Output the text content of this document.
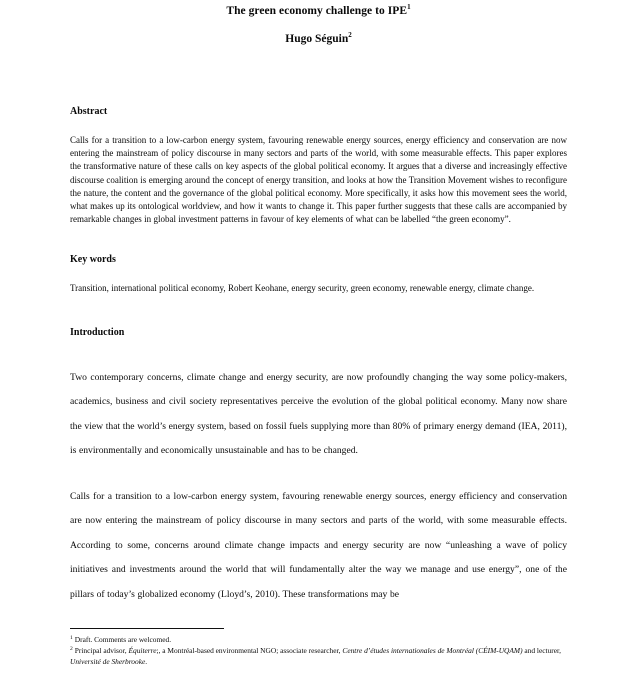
The green economy challenge to IPE$^1$
Hugo Séguin$^2$
Abstract

Calls for a transition to a low-carbon energy system, favouring renewable energy sources, energy efficiency and conservation are now entering the mainstream of policy discourse in many sectors and parts of the world, with some measurable effects. This paper explores the transformative nature of these calls on key aspects of the global political economy. It argues that a diverse and increasingly effective discourse coalition is emerging around the concept of energy transition, and looks at how the Transition Movement wishes to reconfigure the nature, the content and the governance of the global political economy. More specifically, it asks how this movement sees the world, what makes up its ontological worldview, and how it wants to change it. This paper further suggests that these calls are accompanied by remarkable changes in global investment patterns in favour of key elements of what can be labelled “the green economy”.

Key words

Transition, international political economy, Robert Keohane, energy security, green economy, renewable energy, climate change.

Introduction

Two contemporary concerns, climate change and energy security, are now profoundly changing the way some policy-makers, academics, business and civil society representatives perceive the evolution of the global political economy. Many now share the view that the world’s energy system, based on fossil fuels supplying more than 80% of primary energy demand (IEA, 2011), is environmentally and economically unsustainable and has to be changed.

Calls for a transition to a low-carbon energy system, favouring renewable energy sources, energy efficiency and conservation are now entering the mainstream of policy discourse in many sectors and parts of the world, with some measurable effects. According to some, concerns around climate change impacts and energy security are now “unleashing a wave of policy initiatives and investments around the world that will fundamentally alter the way we manage and use energy”, one of the pillars of today’s globalized economy (Lloyd’s, 2010). These transformations may be

$^1$ Draft. Comments are welcomed.

$^2$ Principal advisor, Équiterre;, a Montréal-based environmental NGO; associate researcher, Centre d’études internationales de Montréal (CÉIM-UQAM) and lecturer, Université de Sherbrooke.
